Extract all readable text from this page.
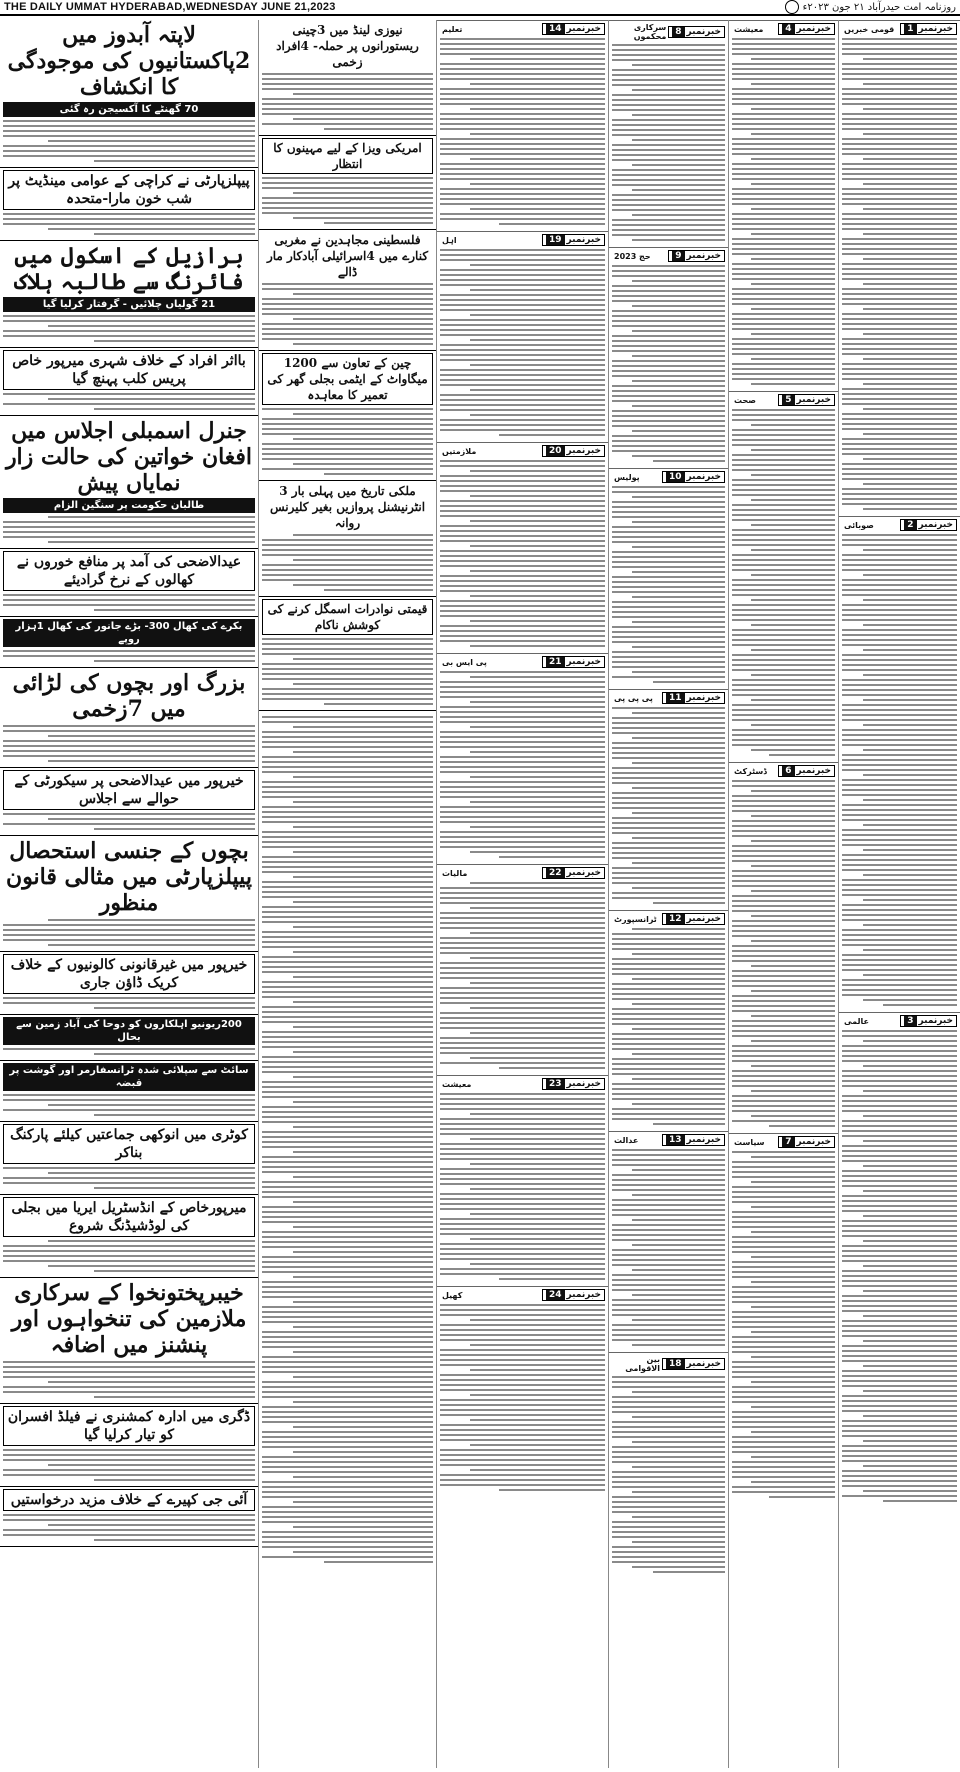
THE DAILY UMMAT HYDERABAD,WEDNESDAY JUNE 21,2023	روزنامہ امت حیدرآباد ۲۱ جون ۲۰۲۳ء
لاپتہ آبدوز میں 2پاکستانیوں کی موجودگی کا انکشاف
70 گھنٹے کا آکسیجن رہ گئی
پیپلزپارٹی نے کراچی کے عوامی مینڈیٹ پر شب خون مارا-متحدہ
برازیل کے اسکول میں فائرنگ سے طالبہ ہلاک
21 گولیاں چلائیں - گرفتار کرلیا گیا
بااثر افراد کے خلاف شہری میرپور خاص پریس کلب پہنچ گیا
جنرل اسمبلی اجلاس میں افغان خواتین کی حالت زار نمایاں پیش
طالبان حکومت پر سنگین الزام
عیدالاضحی کی آمد پر منافع خوروں نے کھالوں کے نرخ گرادیئے
بکرے کی کھال 300- بڑے جانور کی کھال 1ہزار روپے
بزرگ اور بچوں کی لڑائی میں 7زخمی
خیرپور میں عیدالاضحی پر سیکورٹی کے حوالے سے اجلاس
بچوں کے جنسی استحصال پیپلزپارٹی میں مثالی قانون منظور
خیرپور میں غیرقانونی کالونیوں کے خلاف کریک ڈاؤن جاری
200ریونیو اہلکاروں کو دوحا کی آباد زمین سے بحال
سائٹ سے سپلائی شدہ ٹرانسفارمر اور گوشت پر قبضہ
کوٹری میں انوکھی جماعتیں کیلئے پارکنگ بناکر
میرپورخاص کے انڈسٹریل ایریا میں بجلی کی لوڈشیڈنگ شروع
خیبرپختونخوا کے سرکاری ملازمین کی تنخواہوں اور پنشنز میں اضافہ
ڈگری میں ادارہ کمشنری نے فیلڈ افسران کو تیار کرلیا گیا
آئی جی کپیرے کے خلاف مزید درخواستیں
نیوزی لینڈ میں 3چینی ریستورانوں پر حملہ- 4افراد زخمی
امریکی ویزا کے لیے مہینوں کا انتظار
فلسطینی مجاہدین نے مغربی کنارے میں 4اسرائیلی آبادکار مار ڈالے
چین کے تعاون سے 1200 میگاواٹ کے ایٹمی بجلی گھر کی تعمیر کا معاہدہ
ملکی تاریخ میں پہلی بار 3 انٹرنیشنل پروازیں بغیر کلیرنس روانہ
قیمتی نوادرات اسمگل کرنے کی کوشش ناکام
خبرنمبر
14
تعلیم
خبرنمبر
19
اہل
خبرنمبر
20
ملازمتیں
خبرنمبر
21
پی ایس بی
خبرنمبر
22
مالیات
خبرنمبر
23
معیشت
خبرنمبر
24
کھیل
خبرنمبر
8
سرکاری محکموں
خبرنمبر
9
حج 2023
خبرنمبر
10
پولیس
خبرنمبر
11
پی پی پی
خبرنمبر
12
ٹرانسپورٹ
خبرنمبر
13
عدالت
خبرنمبر
18
بین الاقوامی
خبرنمبر
4
معیشت
خبرنمبر
5
صحت
خبرنمبر
6
ڈسٹرکٹ
خبرنمبر
7
سیاست
خبرنمبر
1
قومی خبریں
خبرنمبر
2
صوبائی
خبرنمبر
3
عالمی
